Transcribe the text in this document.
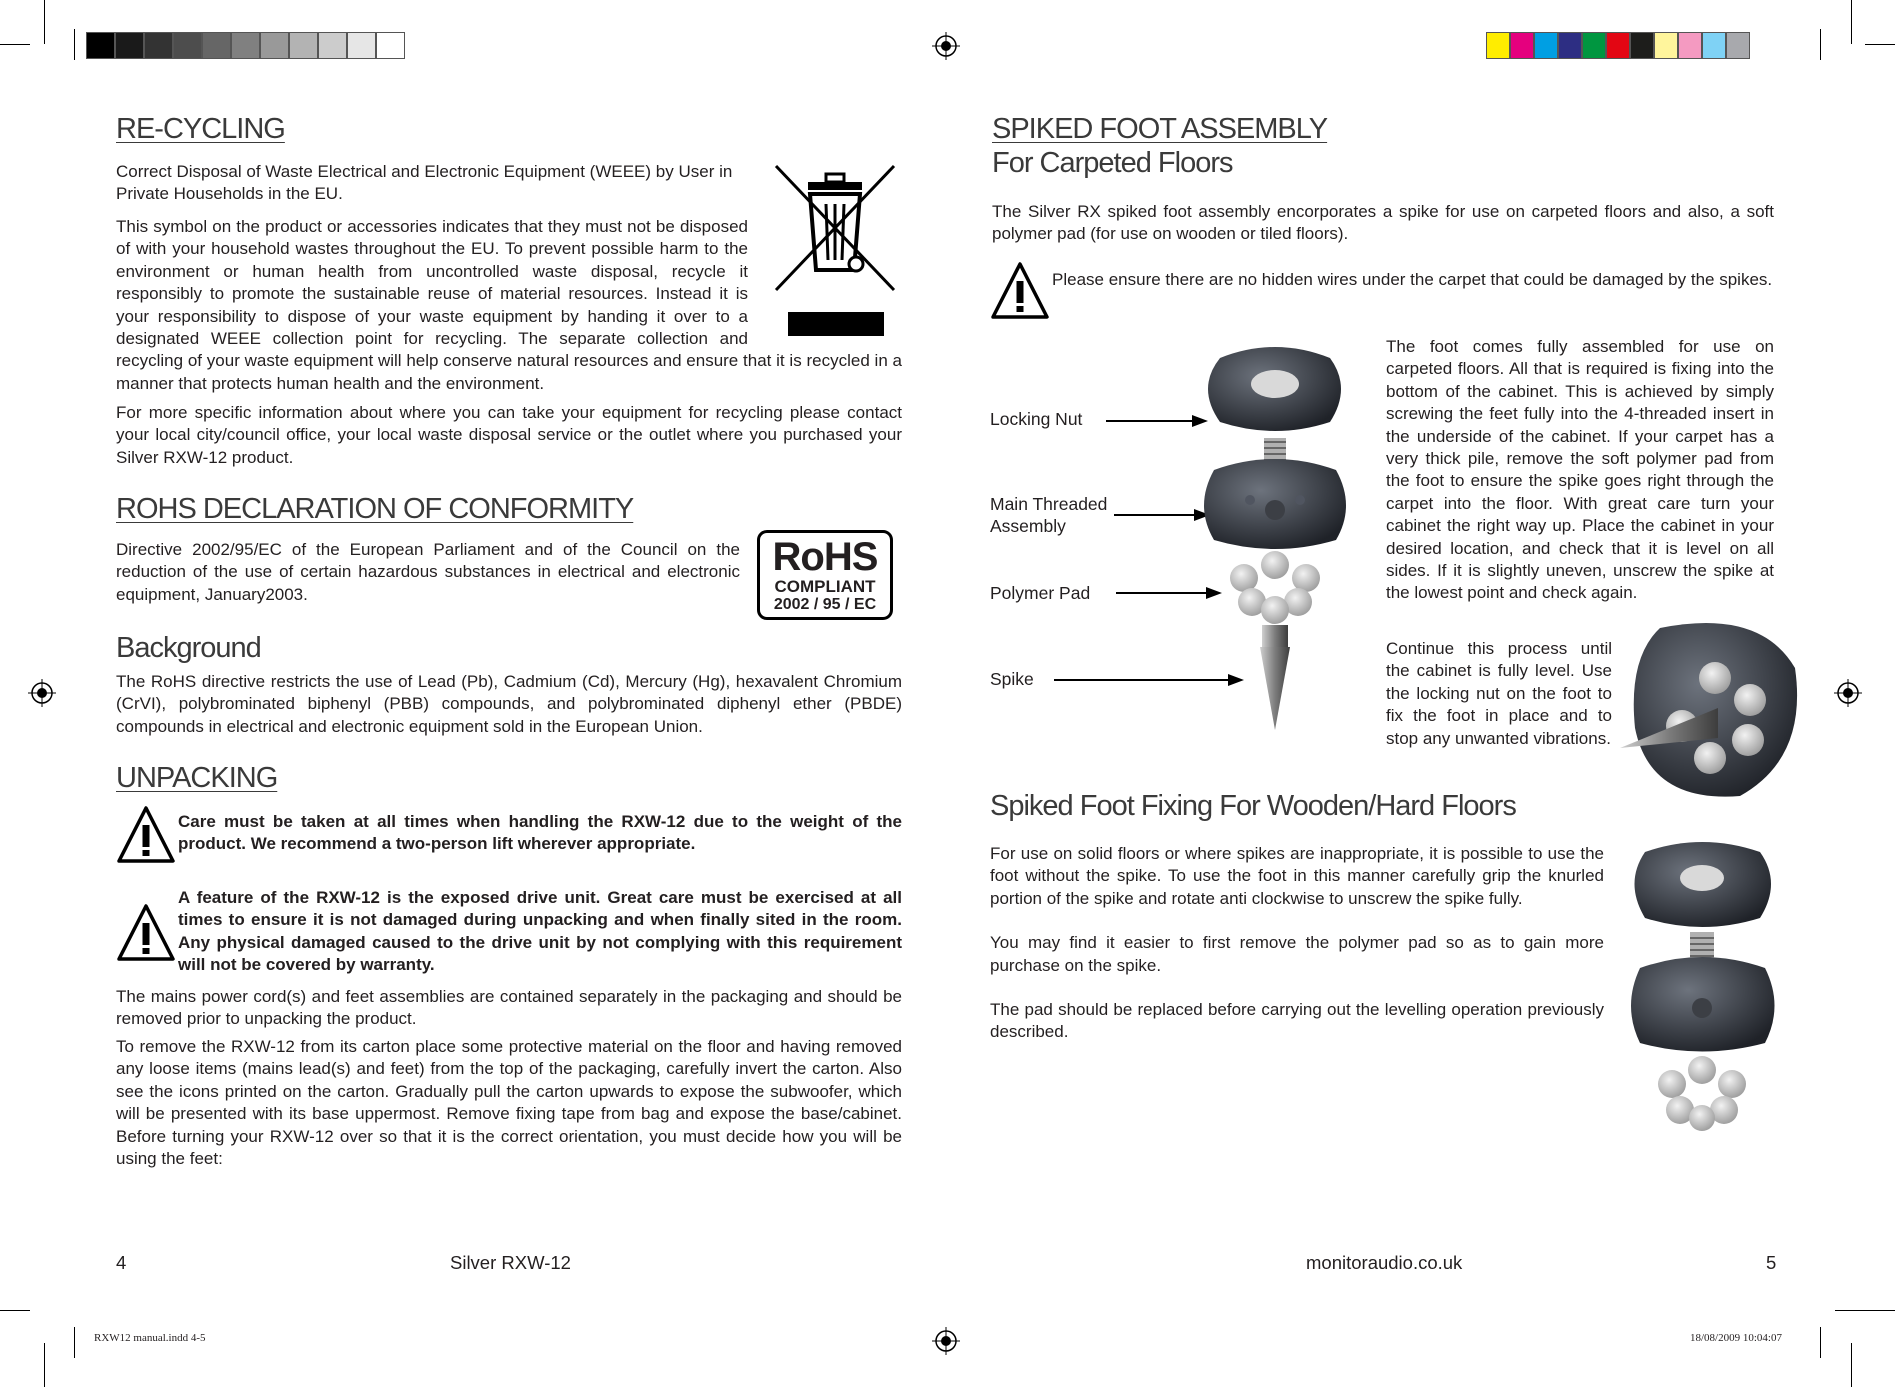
RE-CYCLING

Correct Disposal of Waste Electrical and Electronic Equipment (WEEE) by User in Private Households in the EU.

This symbol on the product or accessories indicates that they must not be disposed of with your household wastes throughout the EU. To prevent possible harm to the environment or human health from uncontrolled waste disposal, recycle it responsibly to promote the sustainable reuse of material resources. Instead it is your responsibility to dispose of your waste equipment by handing it over to a designated WEEE collection point for recycling. The separate collection and recycling of your waste equipment will help conserve natural resources and ensure that it is recycled in a manner that protects human health and the environment.

For more specific information about where you can take your equipment for recycling please contact your local city/council office, your local waste disposal service or the outlet where you purchased your Silver RXW-12 product.

ROHS DECLARATION OF CONFORMITY

Directive 2002/95/EC of the European Parliament and of the Council on the reduction of the use of certain hazardous substances in electrical and electronic equipment, January2003.

RoHS
COMPLIANT
2002 / 95 / EC
Background

The RoHS directive restricts the use of Lead (Pb), Cadmium (Cd), Mercury (Hg), hexavalent Chromium (CrVI), polybrominated biphenyl (PBB) compounds, and polybrominated diphenyl ether (PBDE) compounds in electrical and electronic equipment sold in the European Union.

UNPACKING

Care must be taken at all times when handling the RXW-12 due to the weight of the product. We recommend a two-person lift wherever appropriate.

A feature of the RXW-12 is the exposed drive unit. Great care must be exercised at all times to ensure it is not damaged during unpacking and when finally sited in the room. Any physical damaged caused to the drive unit by not complying with this requirement will not be covered by warranty.

The mains power cord(s) and feet assemblies are contained separately in the packaging and should be removed prior to unpacking the product.

To remove the RXW-12 from its carton place some protective material on the floor and having removed any loose items (mains lead(s) and feet) from the top of the packaging, carefully invert the carton. Also see the icons printed on the carton. Gradually pull the carton upwards to expose the subwoofer, which will be presented with its base uppermost. Remove fixing tape from bag and expose the base/cabinet. Before turning your RXW-12 over so that it is the correct orientation, you must decide how you will be using the feet:

4	Silver RXW-12
SPIKED FOOT ASSEMBLY
For Carpeted Floors

The Silver RX spiked foot assembly encorporates a spike for use on carpeted floors and also, a soft polymer pad (for use on wooden or tiled floors).

Please ensure there are no hidden wires under the carpet that could be damaged by the spikes.

Locking Nut
Main Threaded Assembly
Polymer Pad
Spike

The foot comes fully assembled for use on carpeted floors. All that is required is fixing into the bottom of the cabinet. This is achieved by simply screwing the feet fully into the 4-threaded insert in the underside of the cabinet. If your carpet has a very thick pile, remove the soft polymer pad from the foot to ensure the spike goes right through the carpet into the floor. With great care turn your cabinet the right way up. Place the cabinet in your desired location, and check that it is level on all sides. If it is slightly uneven, unscrew the spike at the lowest point and check again.

Continue this process until the cabinet is fully level. Use the locking nut on the foot to fix the foot in place and to stop any unwanted vibrations.

Spiked Foot Fixing For Wooden/Hard Floors

For use on solid floors or where spikes are inappropriate, it is possible to use the foot without the spike. To use the foot in this manner carefully grip the knurled portion of the spike and rotate anti clockwise to unscrew the spike fully.

You may find it easier to first remove the polymer pad so as to gain more purchase on the spike.

The pad should be replaced before carrying out the levelling operation previously described.

monitoraudio.co.uk	5
RXW12 manual.indd 4-5	18/08/2009 10:04:07
